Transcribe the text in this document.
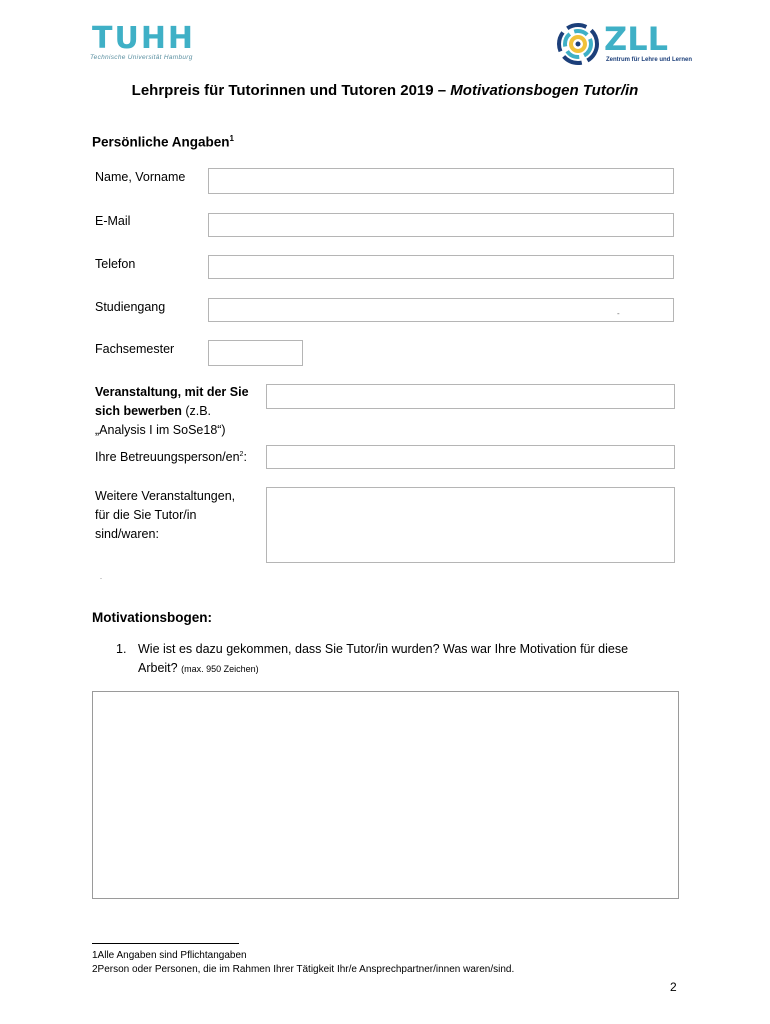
TUHH
Technische Universität Hamburg	ZLL
Zentrum für Lehre und Lernen
Lehrpreis für Tutorinnen und Tutoren 2019 – Motivationsbogen Tutor/in
Persönliche Angaben$^1$
Name, Vorname
E-Mail
Telefon
Studiengang	-
Fachsemester
Veranstaltung, mit der Sie
sich bewerben (z.B.
„Analysis I im SoSe18“)
Ihre Betreuungsperson/$en^2$:
Weitere Veranstaltungen,
für die Sie Tutor/in
sind/waren:
-
Motivationsbogen:
1. Wie ist es dazu gekommen, dass Sie Tutor/in wurden? Was war Ihre Motivation für diese
Arbeit? (max. 950 Zeichen)
1Alle Angaben sind Pflichtangaben
2Person oder Personen, die im Rahmen Ihrer Tätigkeit Ihr/e Ansprechpartner/innen waren/sind.
2
